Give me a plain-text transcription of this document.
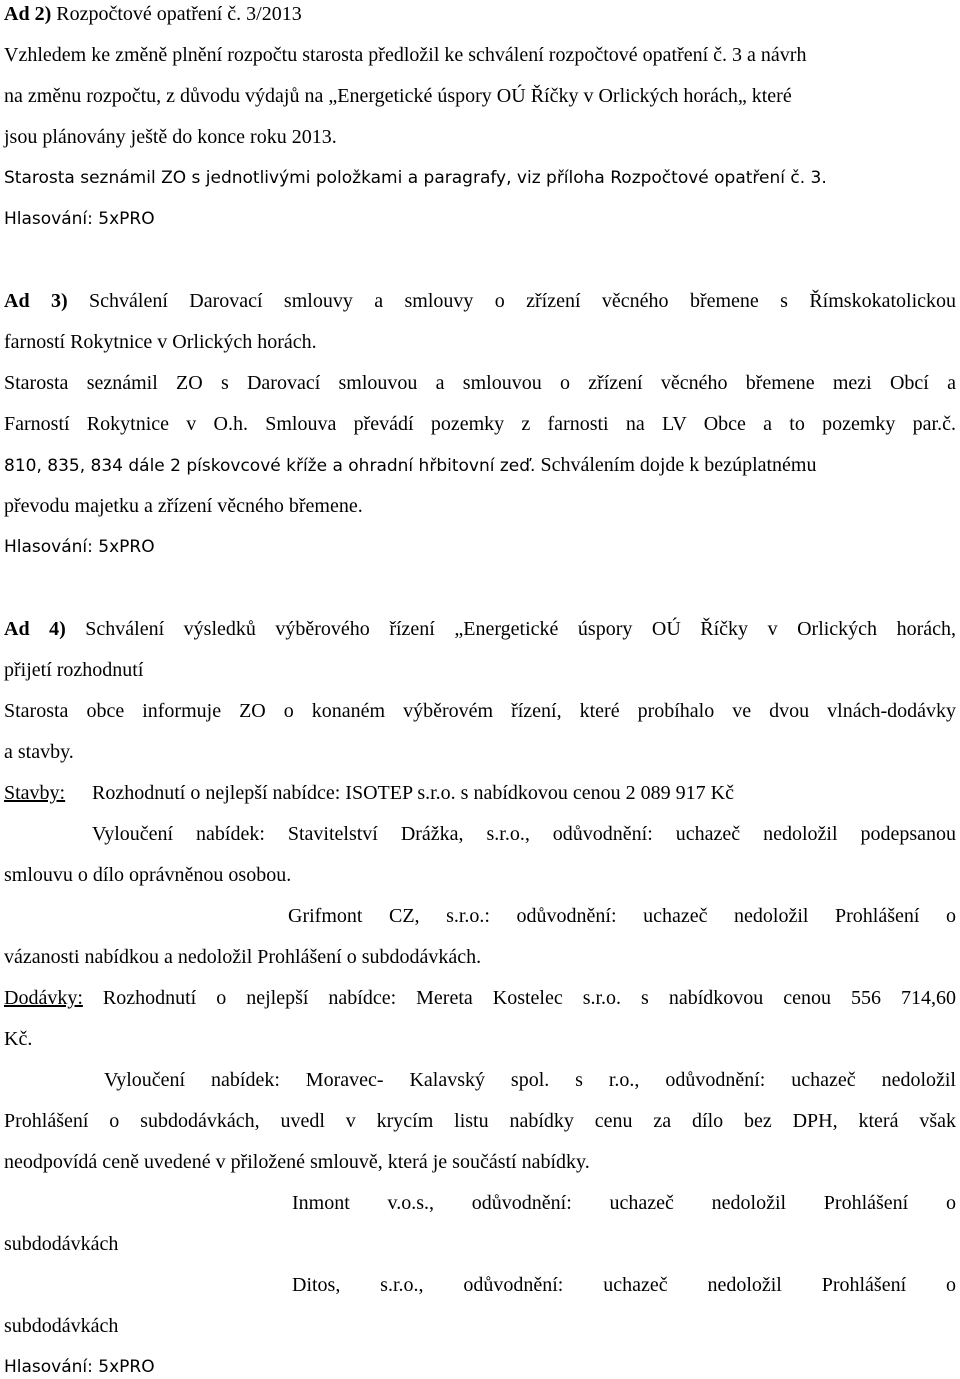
Ad 2) Rozpočtové opatření č. 3/2013
Vzhledem ke změně plnění rozpočtu starosta předložil ke schválení rozpočtové opatření č. 3 a návrh
na změnu rozpočtu, z důvodu výdajů na „Energetické úspory OÚ Říčky v Orlických horách„ které
jsou plánovány ještě do konce roku 2013.
Starosta seznámil ZO s jednotlivými položkami a paragrafy, viz příloha Rozpočtové opatření č. 3.
Hlasování: 5xPRO
Ad 3) Schválení Darovací smlouvy a smlouvy o zřízení věcného břemene s Římskokatolickou
farností Rokytnice v Orlických horách.
Starosta seznámil ZO s Darovací smlouvou a smlouvou o zřízení věcného břemene mezi Obcí a
Farností Rokytnice v O.h. Smlouva převádí pozemky z farnosti na LV Obce a to pozemky par.č.
810, 835, 834 dále 2 pískovcové kříže a ohradní hřbitovní zeď. Schválením dojde k bezúplatnému
převodu majetku a zřízení věcného břemene.
Hlasování: 5xPRO
Ad 4) Schválení výsledků výběrového řízení „Energetické úspory OÚ Říčky v Orlických horách,
přijetí rozhodnutí
Starosta obce informuje ZO o konaném výběrovém řízení, které probíhalo ve dvou vlnách-dodávky
a stavby.
Stavby: Rozhodnutí o nejlepší nabídce: ISOTEP s.r.o. s nabídkovou cenou 2 089 917 Kč
Vyloučení nabídek: Stavitelství Drážka, s.r.o., odůvodnění: uchazeč nedoložil podepsanou
smlouvu o dílo oprávněnou osobou.
Grifmont CZ, s.r.o.: odůvodnění: uchazeč nedoložil Prohlášení o
vázanosti nabídkou a nedoložil Prohlášení o subdodávkách.
Dodávky: Rozhodnutí o nejlepší nabídce: Mereta Kostelec s.r.o. s nabídkovou cenou 556 714,60
Kč.
Vyloučení nabídek: Moravec- Kalavský spol. s r.o., odůvodnění: uchazeč nedoložil
Prohlášení o subdodávkách, uvedl v krycím listu nabídky cenu za dílo bez DPH, která však
neodpovídá ceně uvedené v přiložené smlouvě, která je součástí nabídky.
Inmont v.o.s., odůvodnění: uchazeč nedoložil Prohlášení o
subdodávkách
Ditos, s.r.o., odůvodnění: uchazeč nedoložil Prohlášení o
subdodávkách
Hlasování: 5xPRO
